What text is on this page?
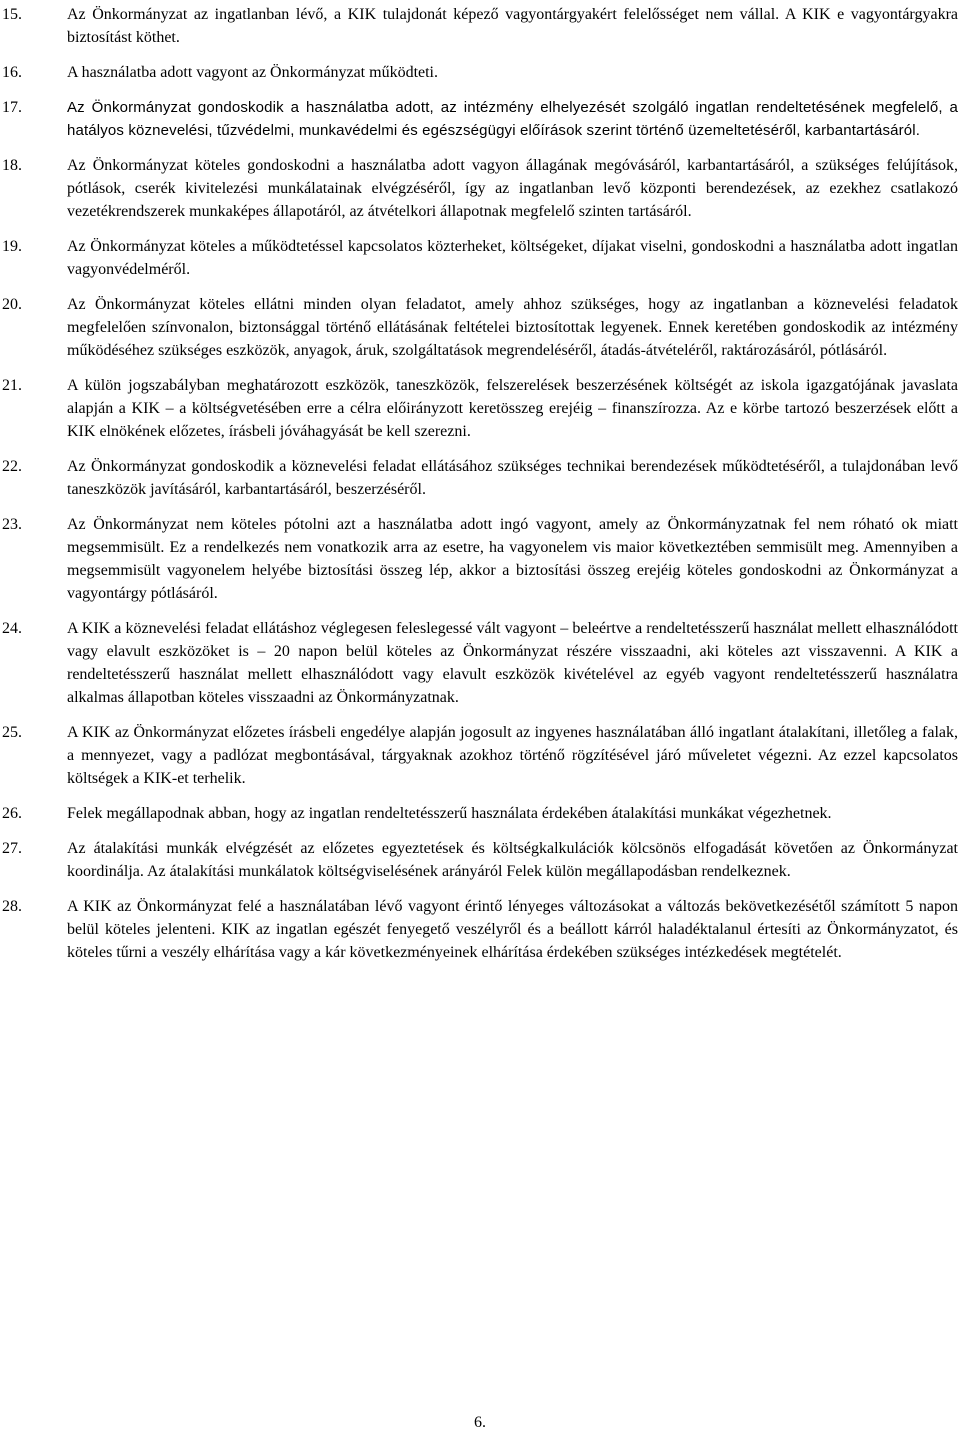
15.	Az Önkormányzat az ingatlanban lévő, a KIK tulajdonát képező vagyontárgyakért felelősséget nem vállal. A KIK e vagyontárgyakra biztosítást köthet.
16.	A használatba adott vagyont az Önkormányzat működteti.
17.	Az Önkormányzat gondoskodik a használatba adott, az intézmény elhelyezését szolgáló ingatlan rendeltetésének megfelelő, a hatályos köznevelési, tűzvédelmi, munkavédelmi és egészségügyi előírások szerint történő üzemeltetéséről, karbantartásáról.
18.	Az Önkormányzat köteles gondoskodni a használatba adott vagyon állagának megóvásáról, karbantartásáról, a szükséges felújítások, pótlások, cserék kivitelezési munkálatainak elvégzéséről, így az ingatlanban levő központi berendezések, az ezekhez csatlakozó vezetékrendszerek munkaképes állapotáról, az átvételkori állapotnak megfelelő szinten tartásáról.
19.	Az Önkormányzat köteles a működtetéssel kapcsolatos közterheket, költségeket, díjakat viselni, gondoskodni a használatba adott ingatlan vagyonvédelméről.
20.	Az Önkormányzat köteles ellátni minden olyan feladatot, amely ahhoz szükséges, hogy az ingatlanban a köznevelési feladatok megfelelően színvonalon, biztonsággal történő ellátásának feltételei biztosítottak legyenek. Ennek keretében gondoskodik az intézmény működéséhez szükséges eszközök, anyagok, áruk, szolgáltatások megrendeléséről, átadás-átvételéről, raktározásáról, pótlásáról.
21.	A külön jogszabályban meghatározott eszközök, taneszközök, felszerelések beszerzésének költségét az iskola igazgatójának javaslata alapján a KIK – a költségvetésében erre a célra előirányzott keretösszeg erejéig – finanszírozza. Az e körbe tartozó beszerzések előtt a KIK elnökének előzetes, írásbeli jóváhagyását be kell szerezni.
22.	Az Önkormányzat gondoskodik a köznevelési feladat ellátásához szükséges technikai berendezések működtetéséről, a tulajdonában levő taneszközök javításáról, karbantartásáról, beszerzéséről.
23.	Az Önkormányzat nem köteles pótolni azt a használatba adott ingó vagyont, amely az Önkormányzatnak fel nem róható ok miatt megsemmisült. Ez a rendelkezés nem vonatkozik arra az esetre, ha vagyonelem vis maior következtében semmisült meg. Amennyiben a megsemmisült vagyonelem helyébe biztosítási összeg lép, akkor a biztosítási összeg erejéig köteles gondoskodni az Önkormányzat a vagyontárgy pótlásáról.
24.	A KIK a köznevelési feladat ellátáshoz véglegesen feleslegessé vált vagyont – beleértve a rendeltetésszerű használat mellett elhasználódott vagy elavult eszközöket is – 20 napon belül köteles az Önkormányzat részére visszaadni, aki köteles azt visszavenni. A KIK a rendeltetésszerű használat mellett elhasználódott vagy elavult eszközök kivételével az egyéb vagyont rendeltetésszerű használatra alkalmas állapotban köteles visszaadni az Önkormányzatnak.
25.	A KIK az Önkormányzat előzetes írásbeli engedélye alapján jogosult az ingyenes használatában álló ingatlant átalakítani, illetőleg a falak, a mennyezet, vagy a padlózat megbontásával, tárgyaknak azokhoz történő rögzítésével járó műveletet végezni. Az ezzel kapcsolatos költségek a KIK-et terhelik.
26.	Felek megállapodnak abban, hogy az ingatlan rendeltetésszerű használata érdekében átalakítási munkákat végezhetnek.
27.	Az átalakítási munkák elvégzését az előzetes egyeztetések és költségkalkulációk kölcsönös elfogadását követően az Önkormányzat koordinálja. Az átalakítási munkálatok költségviselésének arányáról Felek külön megállapodásban rendelkeznek.
28.	A KIK az Önkormányzat felé a használatában lévő vagyont érintő lényeges változásokat a változás bekövetkezésétől számított 5 napon belül köteles jelenteni. KIK az ingatlan egészét fenyegető veszélyről és a beállott kárról haladéktalanul értesíti az Önkormányzatot, és köteles tűrni a veszély elhárítása vagy a kár következményeinek elhárítása érdekében szükséges intézkedések megtételét.
6.
